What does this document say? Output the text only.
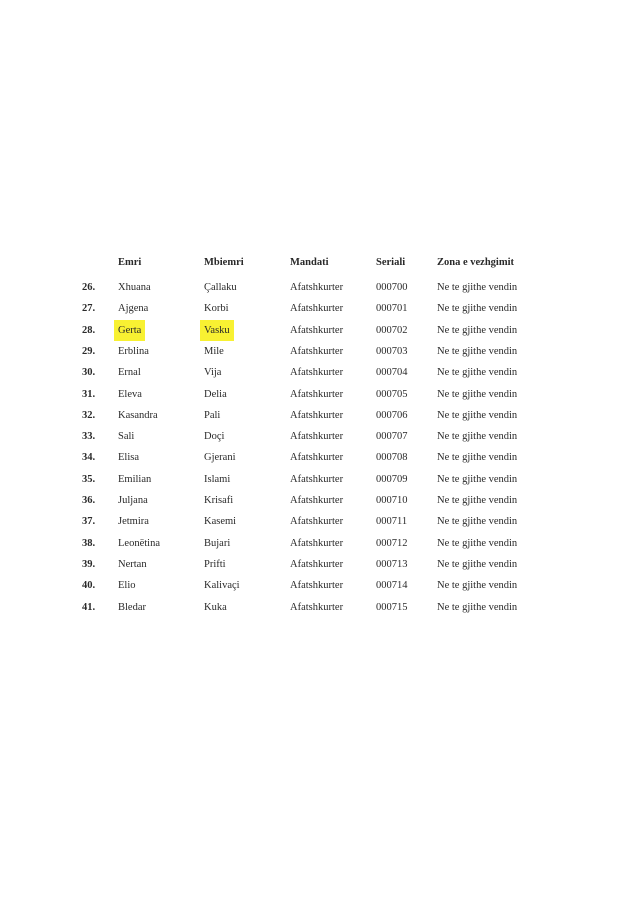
Emri	Mbiemri	Mandati	Seriali	Zona e vezhgimit
26. Xhuana	Çallaku	Afatshkurter	000700	Ne te gjithe vendin
27. Ajgena	Korbi	Afatshkurter	000701	Ne te gjithe vendin
28.	Gerta	Vasku	Afatshkurter	000702	Ne te gjithe vendin
29. Erblina	Mile	Afatshkurter	000703	Ne te gjithe vendin
30. Ernal	Vija	Afatshkurter	000704	Ne te gjithe vendin
31. Eleva	Delia	Afatshkurter	000705	Ne te gjithe vendin
32. Kasandra	Pali	Afatshkurter	000706	Ne te gjithe vendin
33. Sali	Doçi	Afatshkurter	000707	Ne te gjithe vendin
34. Elisa	Gjerani	Afatshkurter	000708	Ne te gjithe vendin
35. Emilian	Islami	Afatshkurter	000709	Ne te gjithe vendin
36. Juljana	Krisafi	Afatshkurter	000710	Ne te gjithe vendin
37. Jetmira	Kasemi	Afatshkurter	000711	Ne te gjithe vendin
38. Leonëtina	Bujari	Afatshkurter	000712	Ne te gjithe vendin
39. Nertan	Prifti	Afatshkurter	000713	Ne te gjithe vendin
40. Elio	Kalivaçi	Afatshkurter	000714	Ne te gjithe vendin
41. Bledar	Kuka	Afatshkurter	000715	Ne te gjithe vendin
